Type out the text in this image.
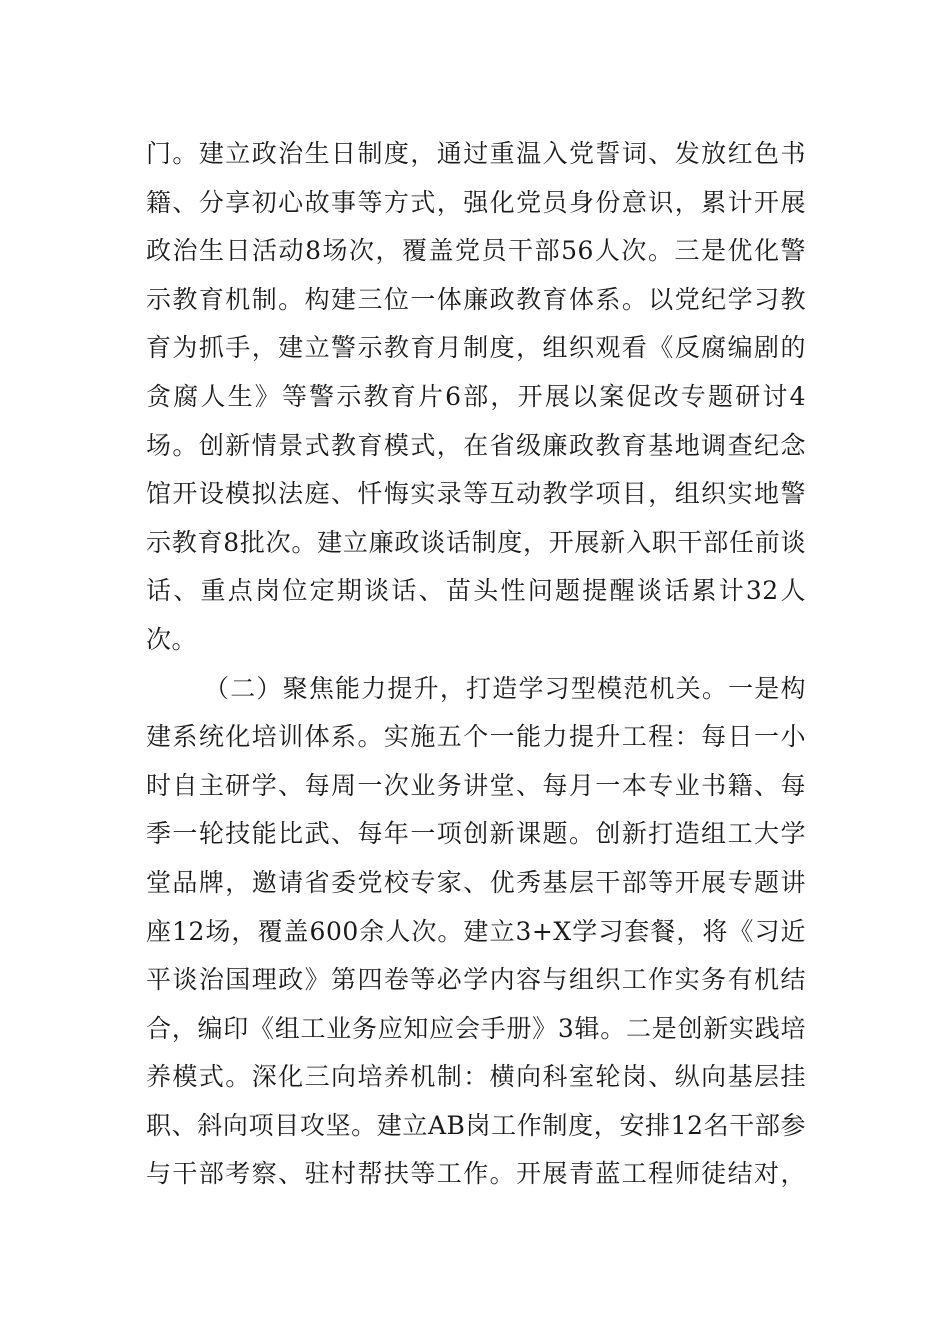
门。建立政治生日制度，通过重温入党誓词、发放红色书
籍、分享初心故事等方式，强化党员身份意识，累计开展
政治生日活动8场次，覆盖党员干部56人次。三是优化警
示教育机制。构建三位一体廉政教育体系。以党纪学习教
育为抓手，建立警示教育月制度，组织观看《反腐编剧的
贪腐人生》等警示教育片6部，开展以案促改专题研讨4
场。创新情景式教育模式，在省级廉政教育基地调查纪念
馆开设模拟法庭、忏悔实录等互动教学项目，组织实地警
示教育8批次。建立廉政谈话制度，开展新入职干部任前谈
话、重点岗位定期谈话、苗头性问题提醒谈话累计32人
次。
（二）聚焦能力提升，打造学习型模范机关。一是构
建系统化培训体系。实施五个一能力提升工程：每日一小
时自主研学、每周一次业务讲堂、每月一本专业书籍、每
季一轮技能比武、每年一项创新课题。创新打造组工大学
堂品牌，邀请省委党校专家、优秀基层干部等开展专题讲
座12场，覆盖600余人次。建立3+X学习套餐，将《习近
平谈治国理政》第四卷等必学内容与组织工作实务有机结
合，编印《组工业务应知应会手册》3辑。二是创新实践培
养模式。深化三向培养机制：横向科室轮岗、纵向基层挂
职、斜向项目攻坚。建立AB岗工作制度，安排12名干部参
与干部考察、驻村帮扶等工作。开展青蓝工程师徒结对，
